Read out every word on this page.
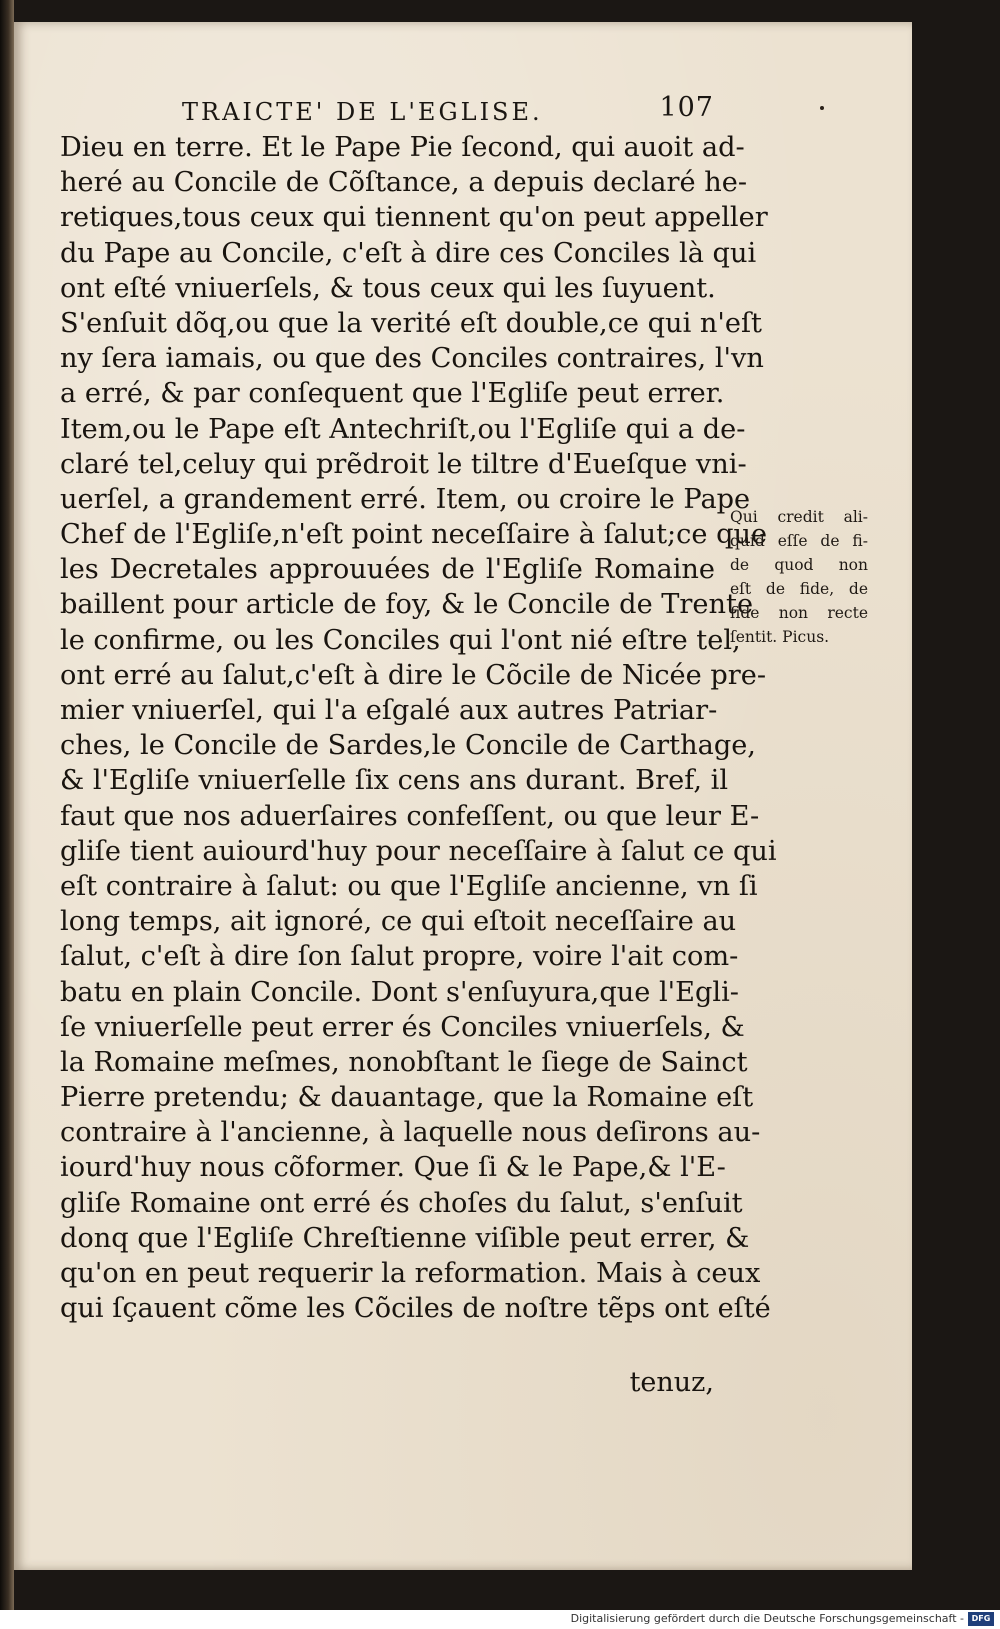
TRAICTE' DE L'EGLISE.	107
Dieu en terre. Et le Pape Pie ſecond, qui auoit ad-
heré au Concile de Cõſtance, a depuis declaré he-
retiques,tous ceux qui tiennent qu'on peut appeller
du Pape au Concile, c'eſt à dire ces Conciles là qui
ont eſté vniuerſels, & tous ceux qui les ſuyuent.
S'enſuit dõq,ou que la verité eſt double,ce qui n'eſt
ny ſera iamais, ou que des Conciles contraires, l'vn
a erré, & par conſequent que l'Egliſe peut errer.
Item,ou le Pape eſt Antechriſt,ou l'Egliſe qui a de-
claré tel,celuy qui prẽdroit le tiltre d'Eueſque vni-
uerſel, a grandement erré. Item, ou croire le Pape
Chef de l'Egliſe,n'eſt point neceſſaire à ſalut;ce que
les Decretales approuuées de l'Egliſe Romaine
baillent pour article de foy, & le Concile de Trente
le confirme, ou les Conciles qui l'ont nié eſtre tel,
ont erré au ſalut,c'eſt à dire le Cõcile de Nicée pre-
mier vniuerſel, qui l'a eſgalé aux autres Patriar-
ches, le Concile de Sardes,le Concile de Carthage,
& l'Egliſe vniuerſelle ſix cens ans durant. Bref, il
faut que nos aduerſaires confeſſent, ou que leur E-
gliſe tient auiourd'huy pour neceſſaire à ſalut ce qui
eſt contraire à ſalut: ou que l'Egliſe ancienne, vn ſi
long temps, ait ignoré, ce qui eſtoit neceſſaire au
ſalut, c'eſt à dire ſon ſalut propre, voire l'ait com-
batu en plain Concile. Dont s'enſuyura,que l'Egli-
ſe vniuerſelle peut errer és Conciles vniuerſels, &
la Romaine meſmes, nonobſtant le ſiege de Sainct
Pierre pretendu; & dauantage, que la Romaine eſt
contraire à l'ancienne, à laquelle nous deſirons au-
iourd'huy nous cõformer. Que ſi & le Pape,& l'E-
gliſe Romaine ont erré és choſes du ſalut, s'enſuit
donq que l'Egliſe Chreſtienne viſible peut errer, &
qu'on en peut requerir la reformation. Mais à ceux
qui ſçauent cõme les Cõciles de noſtre tẽps ont eſté
tenuz,
Qui credit ali-
quid eſſe de fi-
de quod non
eſt de fide, de
fide non recte
ſentit. Picus.
Digitalisierung gefördert durch die Deutsche Forschungsgemeinschaft - DFG
